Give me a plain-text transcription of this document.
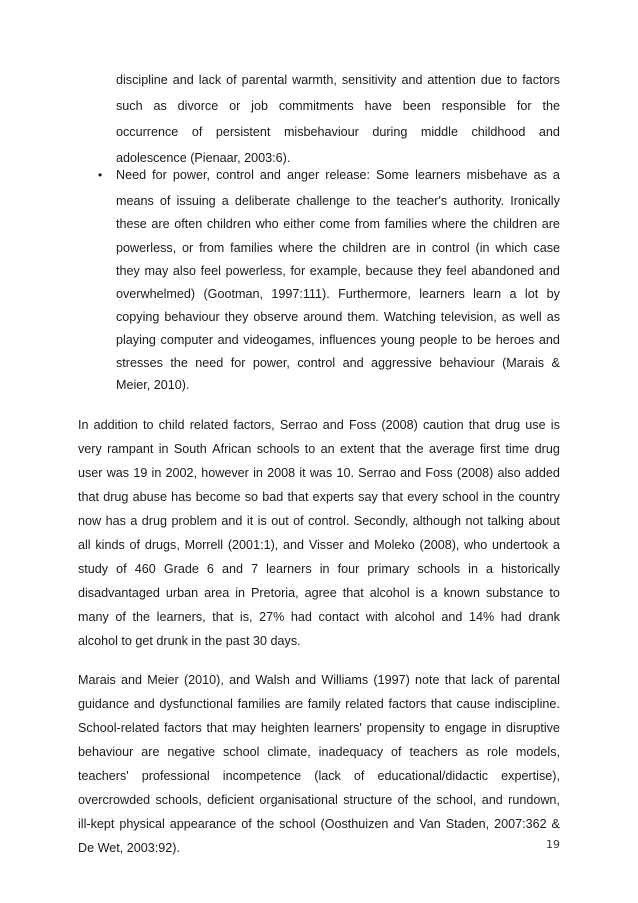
discipline and lack of parental warmth, sensitivity and attention due to factors
such as divorce or job commitments have been responsible for the
occurrence of persistent misbehaviour during middle childhood and
adolescence (Pienaar, 2003:6).
• Need for power, control and anger release: Some learners misbehave as a
means of issuing a deliberate challenge to the teacher's authority. Ironically
these are often children who either come from families where the children are
powerless, or from families where the children are in control (in which case
they may also feel powerless, for example, because they feel abandoned and
overwhelmed) (Gootman, 1997:111). Furthermore, learners learn a lot by
copying behaviour they observe around them. Watching television, as well as
playing computer and videogames, influences young people to be heroes and
stresses the need for power, control and aggressive behaviour (Marais &
Meier, 2010).
In addition to child related factors, Serrao and Foss (2008) caution that drug use is
very rampant in South African schools to an extent that the average first time drug
user was 19 in 2002, however in 2008 it was 10. Serrao and Foss (2008) also added
that drug abuse has become so bad that experts say that every school in the country
now has a drug problem and it is out of control. Secondly, although not talking about
all kinds of drugs, Morrell (2001:1), and Visser and Moleko (2008), who undertook a
study of 460 Grade 6 and 7 learners in four primary schools in a historically
disadvantaged urban area in Pretoria, agree that alcohol is a known substance to
many of the learners, that is, 27% had contact with alcohol and 14% had drank
alcohol to get drunk in the past 30 days.
Marais and Meier (2010), and Walsh and Williams (1997) note that lack of parental
guidance and dysfunctional families are family related factors that cause indiscipline.
School-related factors that may heighten learners' propensity to engage in disruptive
behaviour are negative school climate, inadequacy of teachers as role models,
teachers' professional incompetence (lack of educational/didactic expertise),
overcrowded schools, deficient organisational structure of the school, and rundown,
ill-kept physical appearance of the school (Oosthuizen and Van Staden, 2007:362 &
De Wet, 2003:92).	19
